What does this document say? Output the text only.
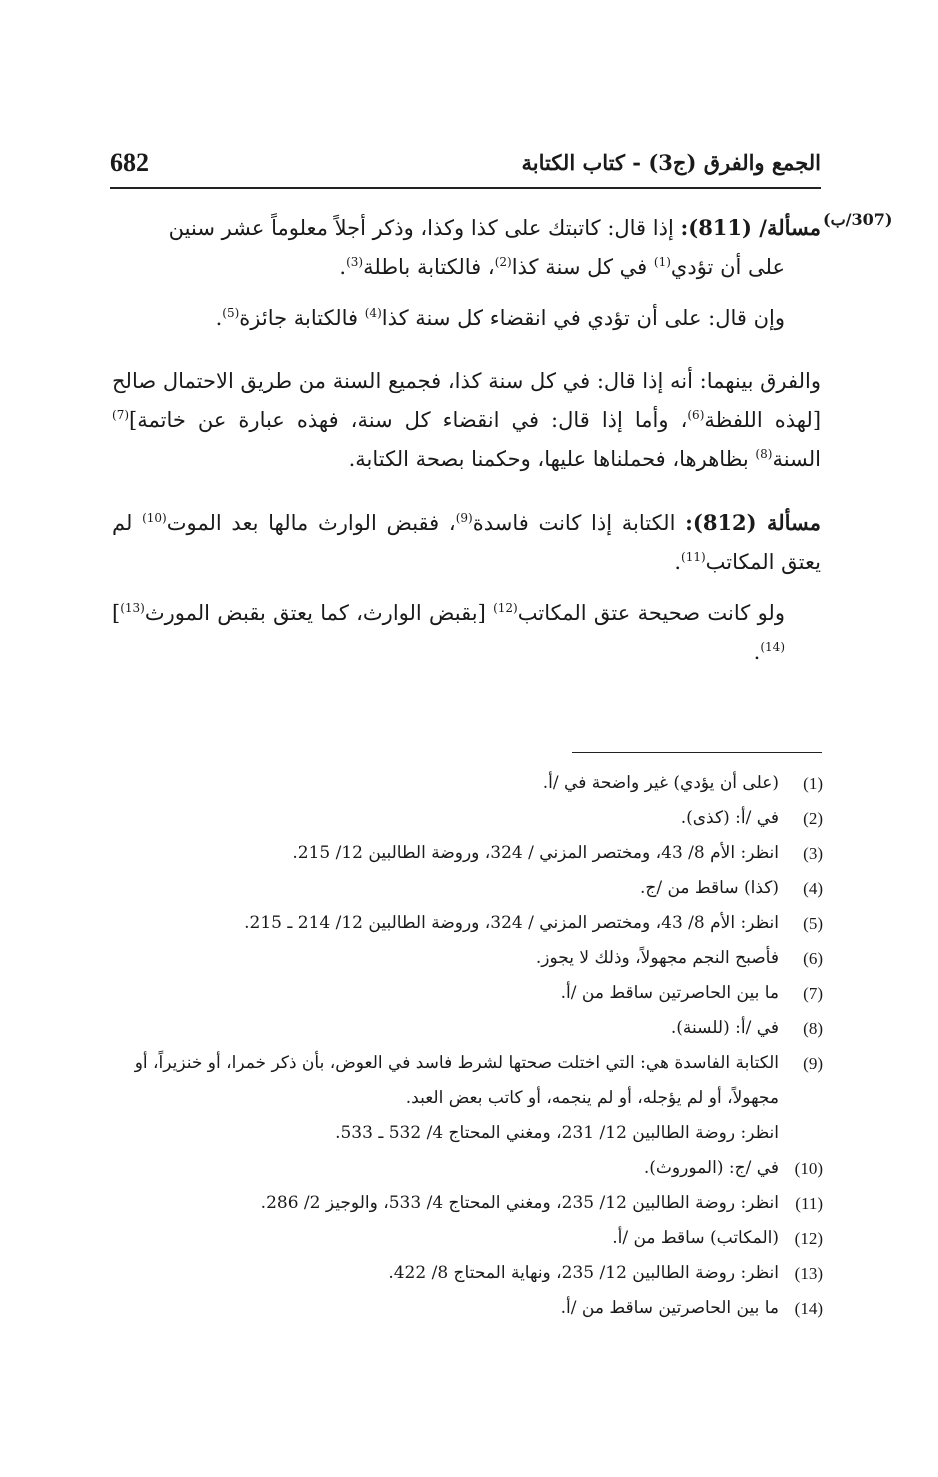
682	الجمع والفرق (ج3) - كتاب الكتابة
(307/ب)

مسألة/ (811): إذا قال: كاتبتك على كذا وكذا، وذكر أجلاً معلوماً عشر سنين

على أن تؤدي$^{(1)}$ في كل سنة كذا$^{(2)}$، فالكتابة باطلة$^{(3)}$.

وإن قال: على أن تؤدي في انقضاء كل سنة كذا$^{(4)}$ فالكتابة جائزة$^{(5)}$.

والفرق بينهما: أنه إذا قال: في كل سنة كذا، فجميع السنة من طريق الاحتمال صالح [لهذه اللفظة$^{(6)}$، وأما إذا قال: في انقضاء كل سنة، فهذه عبارة عن خاتمة]$^{(7)}$ السنة$^{(8)}$ بظاهرها، فحملناها عليها، وحكمنا بصحة الكتابة.

مسألة (812): الكتابة إذا كانت فاسدة$^{(9)}$، فقبض الوارث مالها بعد الموت$^{(10)}$ لم يعتق المكاتب$^{(11)}$.

ولو كانت صحيحة عتق المكاتب$^{(12)}$ [بقبض الوارث، كما يعتق بقبض المورث$^{(13)}$]$^{(14)}$.

(1)
(على أن يؤدي) غير واضحة في /أ.
(2)
في /أ: (كذى).
(3)
انظر: الأم 8/ 43، ومختصر المزني / 324، وروضة الطالبين 12/ 215.
(4)
(كذا) ساقط من /ج.
(5)
انظر: الأم 8/ 43، ومختصر المزني / 324، وروضة الطالبين 12/ 214 ـ 215.
(6)
فأصبح النجم مجهولاً، وذلك لا يجوز.
(7)
ما بين الحاصرتين ساقط من /أ.
(8)
في /أ: (للسنة).
(9)
الكتابة الفاسدة هي: التي اختلت صحتها لشرط فاسد في العوض، بأن ذكر خمرا، أو خنزيراً، أو مجهولاً، أو لم يؤجله، أو لم ينجمه، أو كاتب بعض العبد.
انظر: روضة الطالبين 12/ 231، ومغني المحتاج 4/ 532 ـ 533.
(10)
في /ج: (الموروث).
(11)
انظر: روضة الطالبين 12/ 235، ومغني المحتاج 4/ 533، والوجيز 2/ 286.
(12)
(المكاتب) ساقط من /أ.
(13)
انظر: روضة الطالبين 12/ 235، ونهاية المحتاج 8/ 422.
(14)
ما بين الحاصرتين ساقط من /أ.
